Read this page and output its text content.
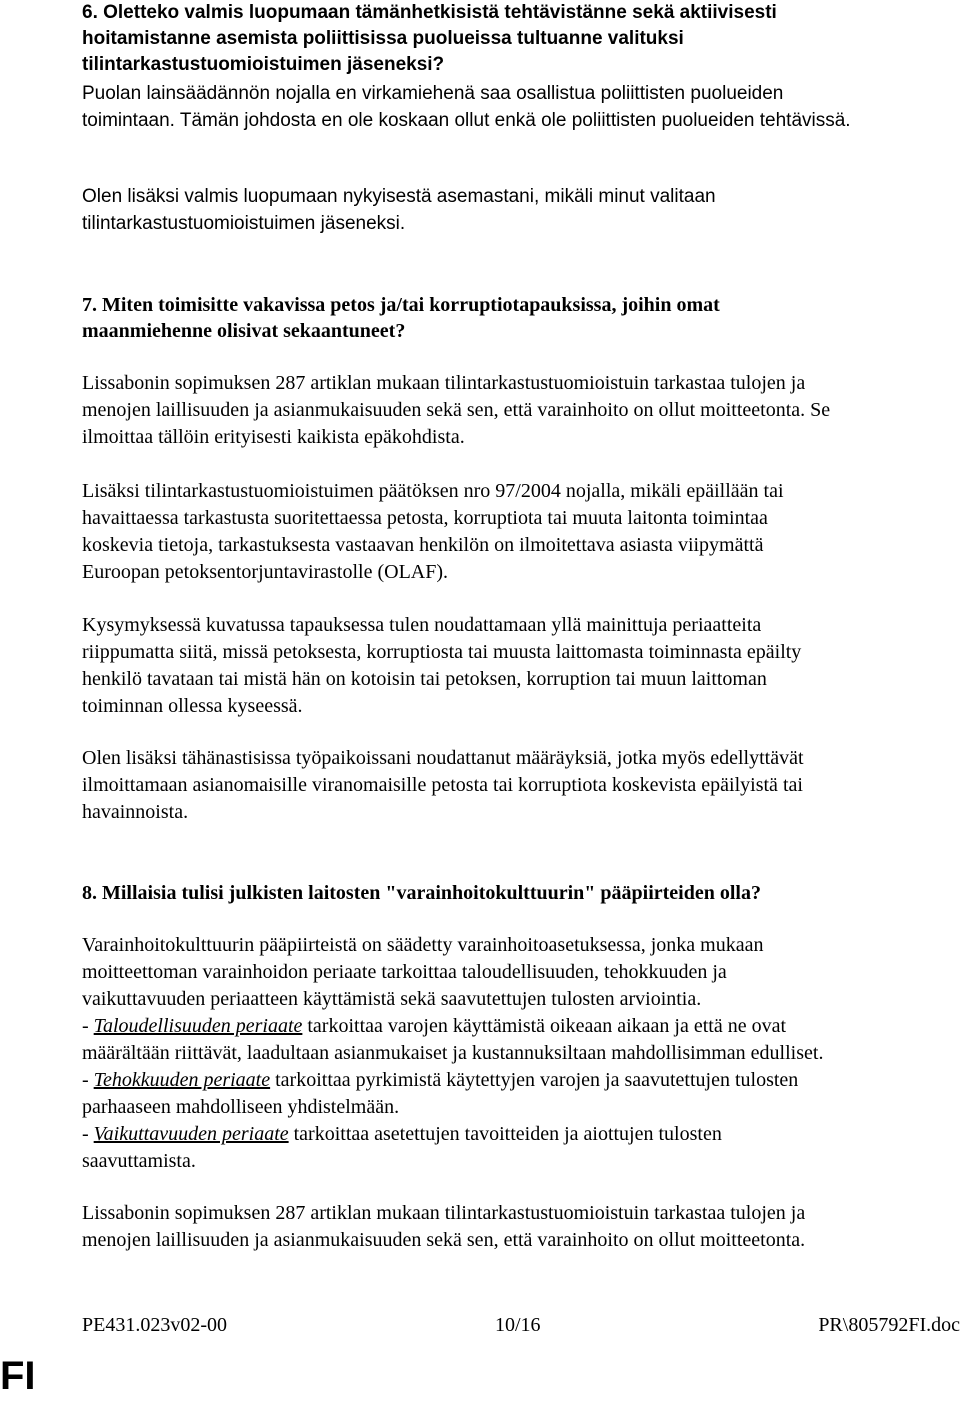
6. Oletteko valmis luopumaan tämänhetkisistä tehtävistänne sekä aktiivisesti
hoitamistanne asemista poliittisissa puolueissa tultuanne valituksi
tilintarkastustuomioistuimen jäseneksi?

Puolan lainsäädännön nojalla en virkamiehenä saa osallistua poliittisten puolueiden
toimintaan. Tämän johdosta en ole koskaan ollut enkä ole poliittisten puolueiden tehtävissä.

Olen lisäksi valmis luopumaan nykyisestä asemastani, mikäli minut valitaan
tilintarkastustuomioistuimen jäseneksi.

7. Miten toimisitte vakavissa petos ja/tai korruptiotapauksissa, joihin omat
maanmiehenne olisivat sekaantuneet?

Lissabonin sopimuksen 287 artiklan mukaan tilintarkastustuomioistuin tarkastaa tulojen ja
menojen laillisuuden ja asianmukaisuuden sekä sen, että varainhoito on ollut moitteetonta. Se
ilmoittaa tällöin erityisesti kaikista epäkohdista.

Lisäksi tilintarkastustuomioistuimen päätöksen nro 97/2004 nojalla, mikäli epäillään tai
havaittaessa tarkastusta suoritettaessa petosta, korruptiota tai muuta laitonta toimintaa
koskevia tietoja, tarkastuksesta vastaavan henkilön on ilmoitettava asiasta viipymättä
Euroopan petoksentorjuntavirastolle (OLAF).

Kysymyksessä kuvatussa tapauksessa tulen noudattamaan yllä mainittuja periaatteita
riippumatta siitä, missä petoksesta, korruptiosta tai muusta laittomasta toiminnasta epäilty
henkilö tavataan tai mistä hän on kotoisin tai petoksen, korruption tai muun laittoman
toiminnan ollessa kyseessä.

Olen lisäksi tähänastisissa työpaikoissani noudattanut määräyksiä, jotka myös edellyttävät
ilmoittamaan asianomaisille viranomaisille petosta tai korruptiota koskevista epäilyistä tai
havainnoista.

8. Millaisia tulisi julkisten laitosten "varainhoitokulttuurin" pääpiirteiden olla?

Varainhoitokulttuurin pääpiirteistä on säädetty varainhoitoasetuksessa, jonka mukaan
moitteettoman varainhoidon periaate tarkoittaa taloudellisuuden, tehokkuuden ja
vaikuttavuuden periaatteen käyttämistä sekä saavutettujen tulosten arviointia.
- Taloudellisuuden periaate tarkoittaa varojen käyttämistä oikeaan aikaan ja että ne ovat
määrältään riittävät, laadultaan asianmukaiset ja kustannuksiltaan mahdollisimman edulliset.
- Tehokkuuden periaate tarkoittaa pyrkimistä käytettyjen varojen ja saavutettujen tulosten
parhaaseen mahdolliseen yhdistelmään.
- Vaikuttavuuden periaate tarkoittaa asetettujen tavoitteiden ja aiottujen tulosten
saavuttamista.

Lissabonin sopimuksen 287 artiklan mukaan tilintarkastustuomioistuin tarkastaa tulojen ja
menojen laillisuuden ja asianmukaisuuden sekä sen, että varainhoito on ollut moitteetonta.

PE431.023v02-00	10/16	PR\805792FI.doc
FI
